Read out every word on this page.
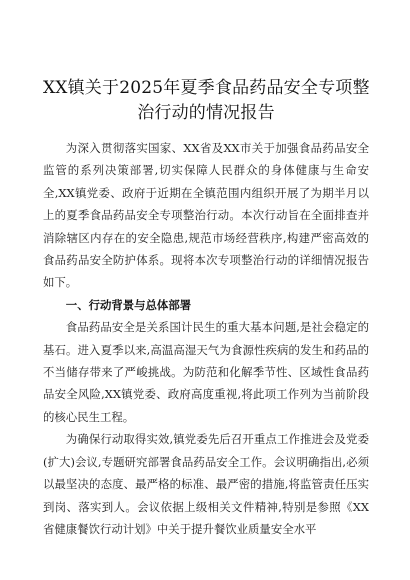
XX镇关于2025年夏季食品药品安全专项整
治行动的情况报告

为深入贯彻落实国家、XX省及XX市关于加强食品药品安全监管的系列决策部署,切实保障人民群众的身体健康与生命安全,XX镇党委、政府于近期在全镇范围内组织开展了为期半月以上的夏季食品药品安全专项整治行动。本次行动旨在全面排查并消除辖区内存在的安全隐患,规范市场经营秩序,构建严密高效的食品药品安全防护体系。现将本次专项整治行动的详细情况报告如下。

一、行动背景与总体部署

食品药品安全是关系国计民生的重大基本问题,是社会稳定的基石。进入夏季以来,高温高湿天气为食源性疾病的发生和药品的不当储存带来了严峻挑战。为防范和化解季节性、区域性食品药品安全风险,XX镇党委、政府高度重视,将此项工作列为当前阶段的核心民生工程。

为确保行动取得实效,镇党委先后召开重点工作推进会及党委(扩大)会议,专题研究部署食品药品安全工作。会议明确指出,必须以最坚决的态度、最严格的标准、最严密的措施,将监管责任压实到岗、落实到人。会议依据上级相关文件精神,特别是参照《XX省健康餐饮行动计划》中关于提升餐饮业质量安全水平
